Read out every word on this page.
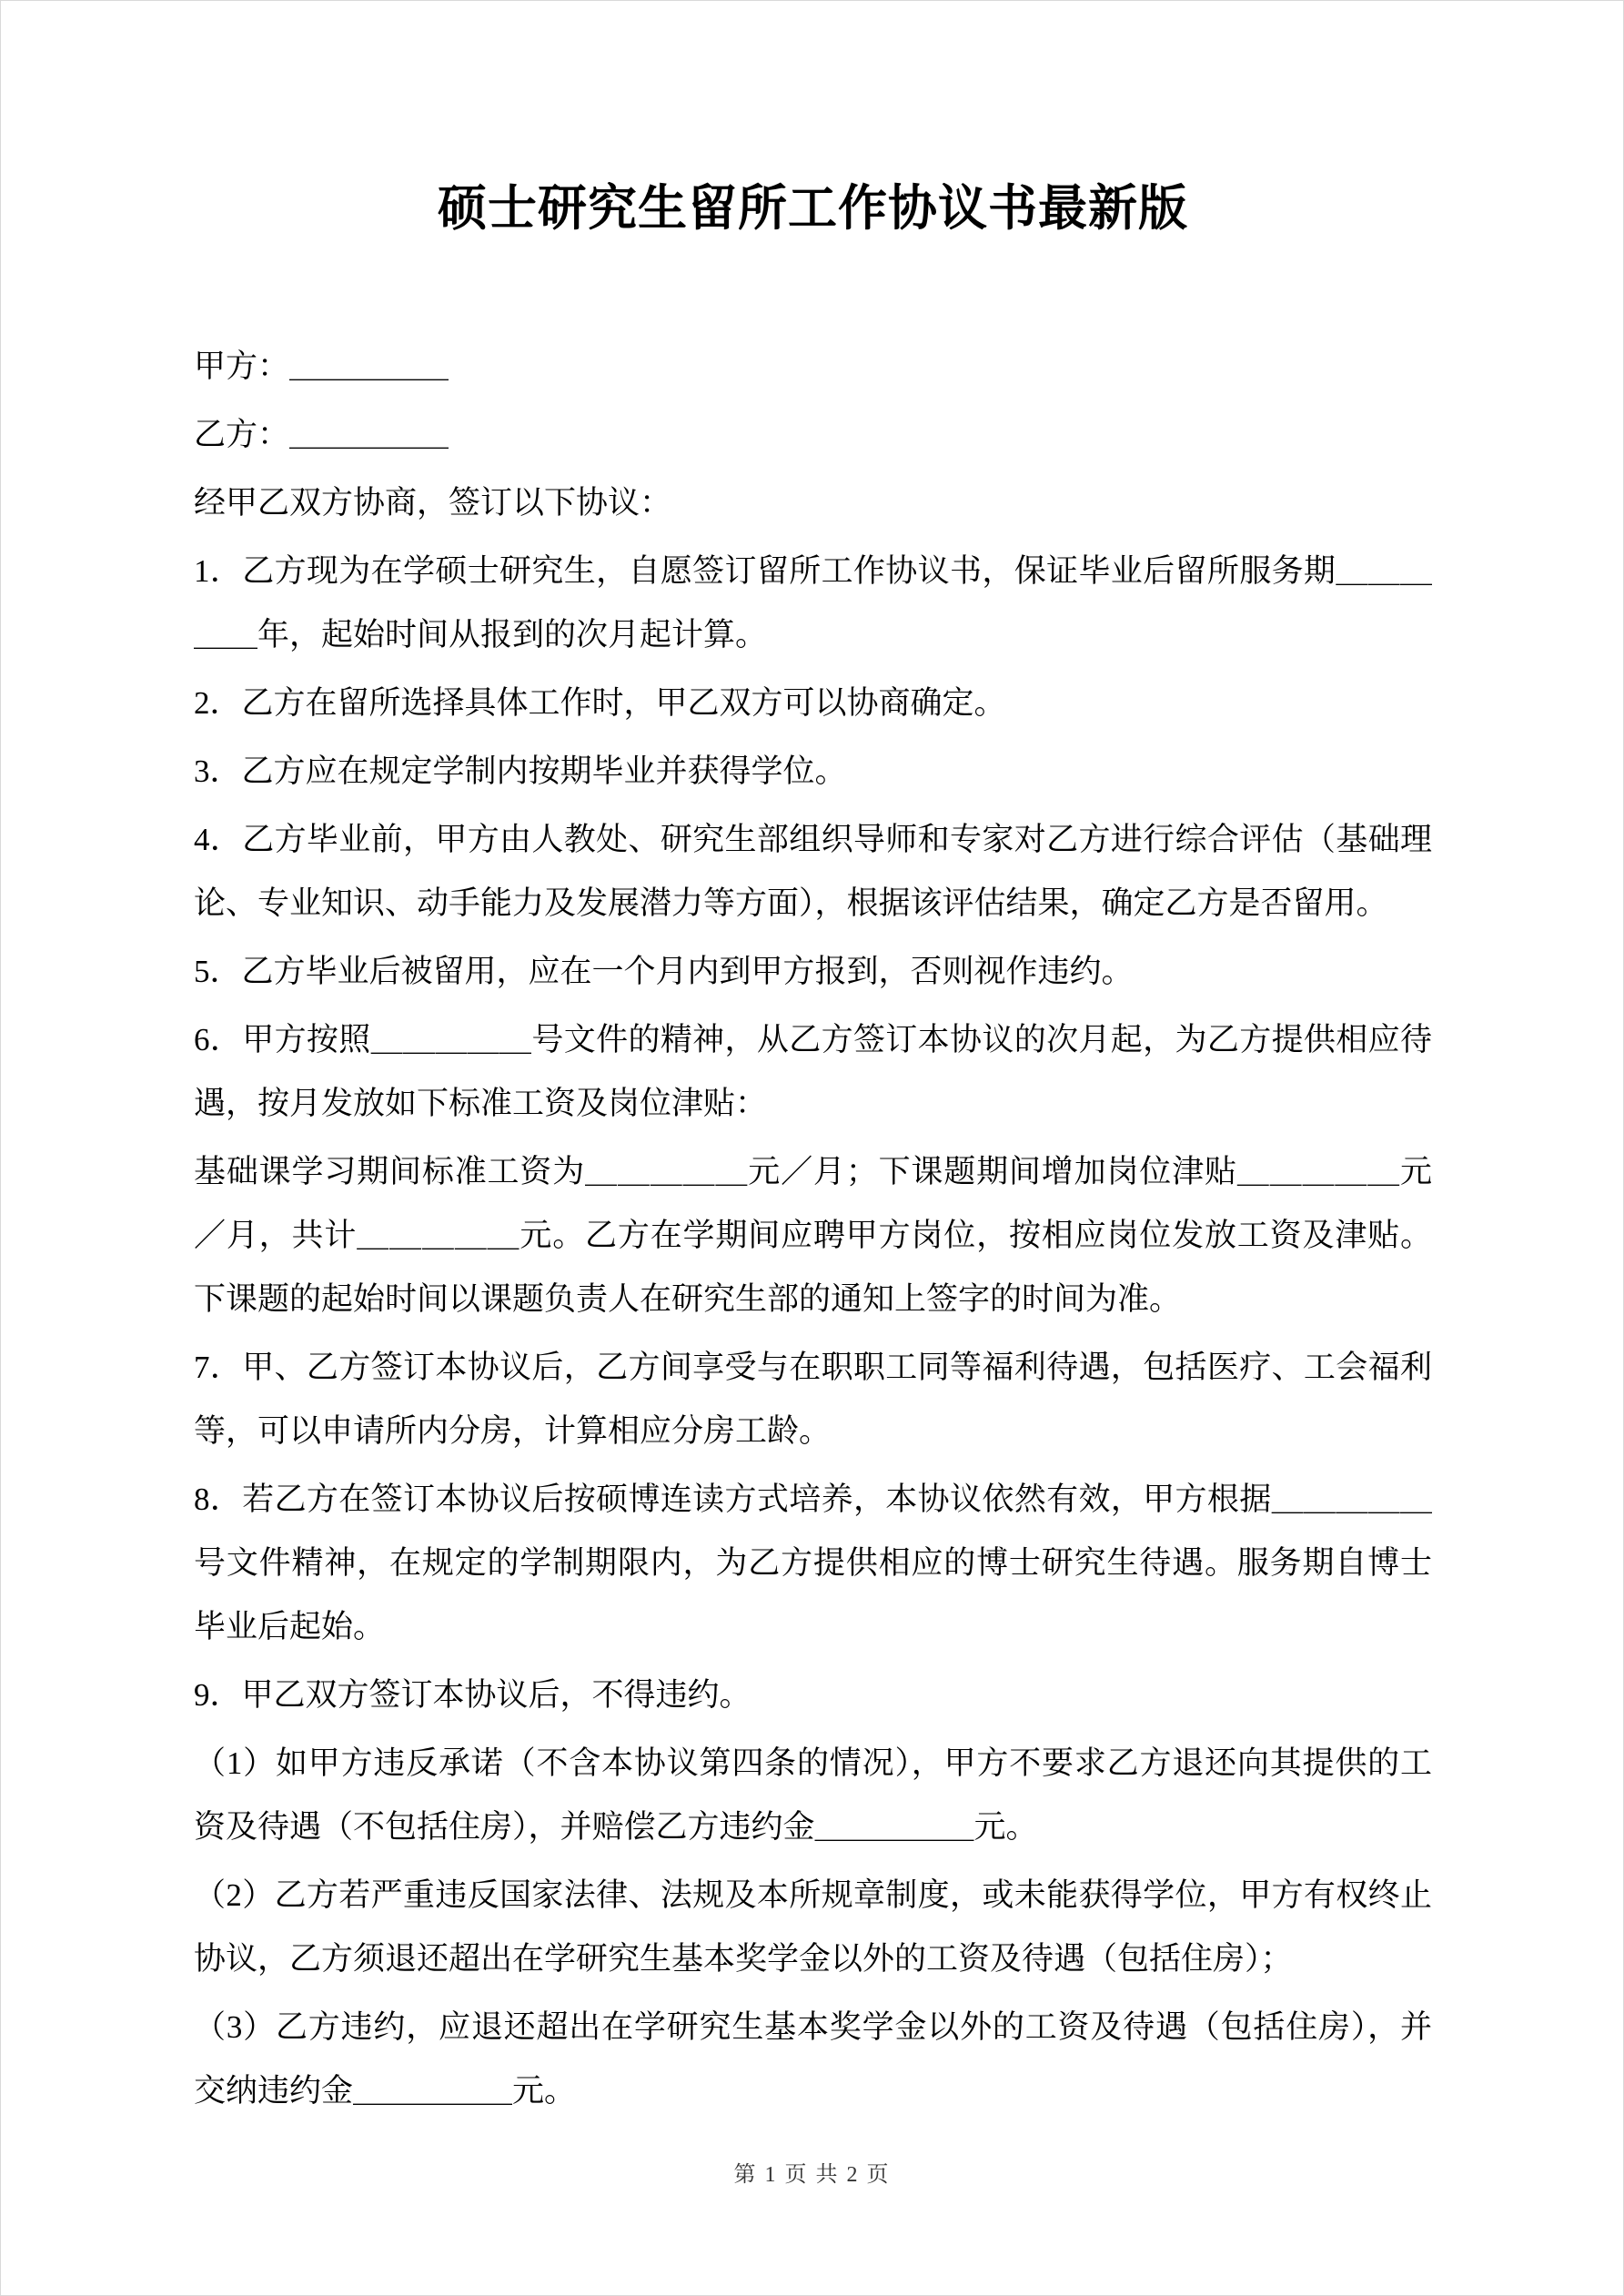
硕士研究生留所工作协议书最新版

甲方：＿＿＿＿＿

乙方：＿＿＿＿＿

经甲乙双方协商，签订以下协议：

1．乙方现为在学硕士研究生，自愿签订留所工作协议书，保证毕业后留所服务期＿＿＿＿＿年，起始时间从报到的次月起计算。

2．乙方在留所选择具体工作时，甲乙双方可以协商确定。

3．乙方应在规定学制内按期毕业并获得学位。

4．乙方毕业前，甲方由人教处、研究生部组织导师和专家对乙方进行综合评估（基础理论、专业知识、动手能力及发展潜力等方面），根据该评估结果，确定乙方是否留用。

5．乙方毕业后被留用，应在一个月内到甲方报到，否则视作违约。

6．甲方按照＿＿＿＿＿号文件的精神，从乙方签订本协议的次月起，为乙方提供相应待遇，按月发放如下标准工资及岗位津贴：

基础课学习期间标准工资为＿＿＿＿＿元／月；下课题期间增加岗位津贴＿＿＿＿＿元／月，共计＿＿＿＿＿元。乙方在学期间应聘甲方岗位，按相应岗位发放工资及津贴。下课题的起始时间以课题负责人在研究生部的通知上签字的时间为准。

7．甲、乙方签订本协议后，乙方间享受与在职职工同等福利待遇，包括医疗、工会福利等，可以申请所内分房，计算相应分房工龄。

8．若乙方在签订本协议后按硕博连读方式培养，本协议依然有效，甲方根据＿＿＿＿＿号文件精神，在规定的学制期限内，为乙方提供相应的博士研究生待遇。服务期自博士毕业后起始。

9．甲乙双方签订本协议后，不得违约。

（1）如甲方违反承诺（不含本协议第四条的情况），甲方不要求乙方退还向其提供的工资及待遇（不包括住房），并赔偿乙方违约金＿＿＿＿＿元。

（2）乙方若严重违反国家法律、法规及本所规章制度，或未能获得学位，甲方有权终止协议，乙方须退还超出在学研究生基本奖学金以外的工资及待遇（包括住房）；

（3）乙方违约，应退还超出在学研究生基本奖学金以外的工资及待遇（包括住房），并交纳违约金＿＿＿＿＿元。

第 1 页 共 2 页
